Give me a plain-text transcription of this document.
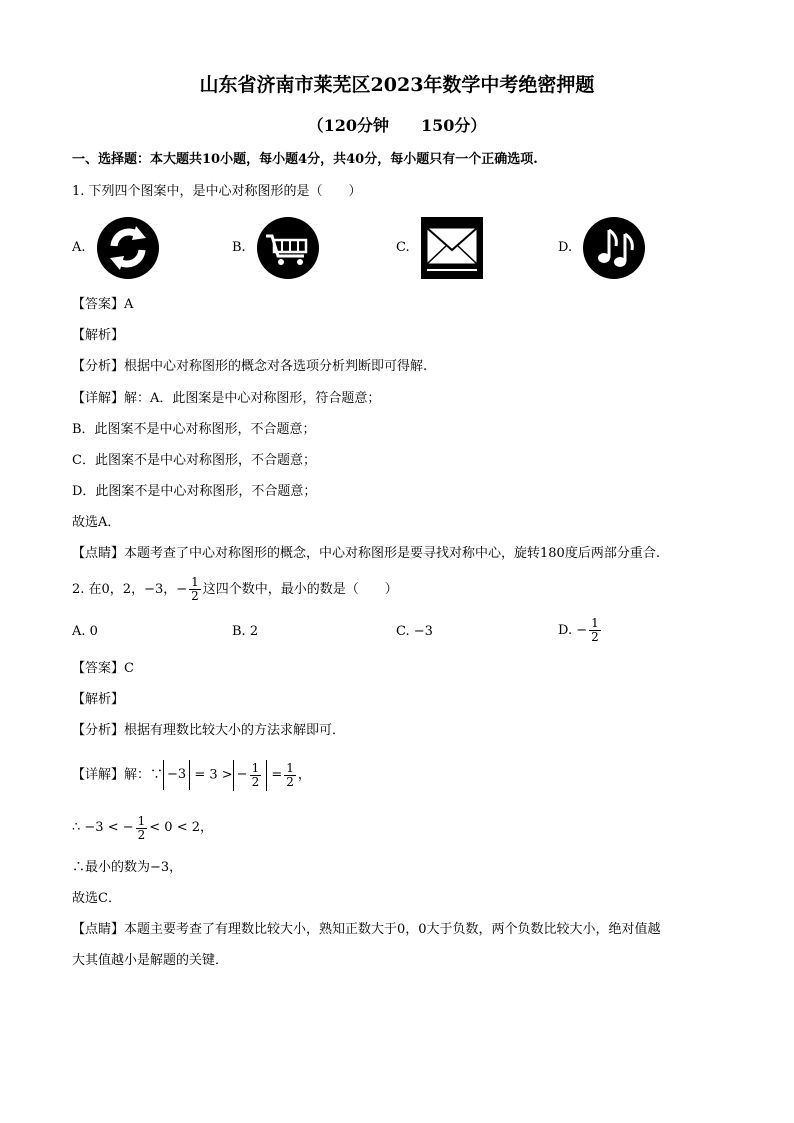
山东省济南市莱芜区2023年数学中考绝密押题
（120分钟　　150分）
一、选择题：本大题共10小题，每小题4分，共40分，每小题只有一个正确选项.
1. 下列四个图案中，是中心对称图形的是（　　）
A.	B.	C.	D.
【答案】A
【解析】
【分析】根据中心对称图形的概念对各选项分析判断即可得解.
【详解】解：A．此图案是中心对称图形，符合题意；
B．此图案不是中心对称图形，不合题意；
C．此图案不是中心对称图形，不合题意；
D．此图案不是中心对称图形，不合题意；
故选A．
【点睛】本题考查了中心对称图形的概念，中心对称图形是要寻找对称中心，旋转180度后两部分重合.
2. 在0，2，−3，− $\frac{1}{2}$ 这四个数中，最小的数是（　　）
A. 0	B. 2	C. −3	D. − $\frac{1}{2}$
【答案】C
【解析】
【分析】根据有理数比较大小的方法求解即可．
【详解】解：∵ −3 = 3 > − $\frac{1}{2} = \frac{1}{2}$ ，
∴ −3 < − $\frac{1}{2} < 0 < 2$，
∴最小的数为−3，
故选C．
【点睛】本题主要考查了有理数比较大小，熟知正数大于0，0大于负数，两个负数比较大小，绝对值越
大其值越小是解题的关键．
